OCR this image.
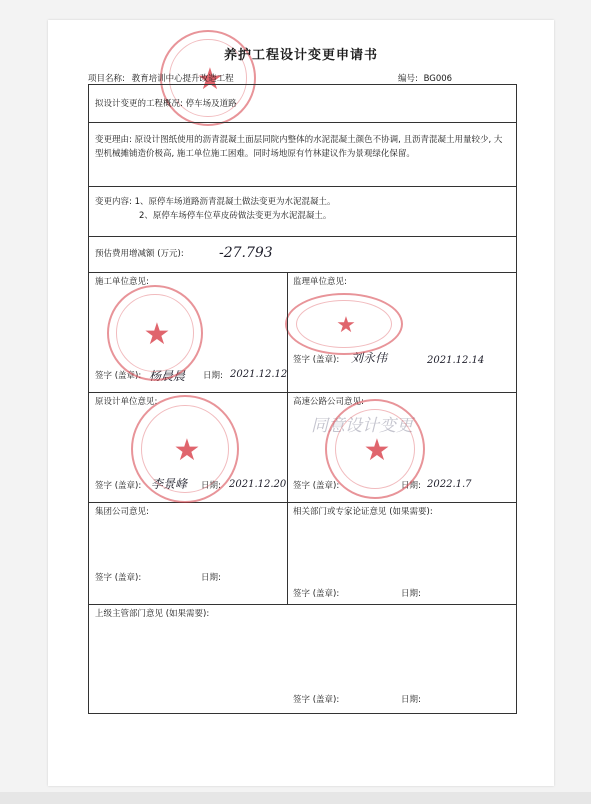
★
养护工程设计变更申请书
项目名称: 教育培训中心提升改造工程	编号: BG006
拟设计变更的工程概况: 停车场及道路
变更理由: 原设计图纸使用的沥青混凝土面层同院内整体的水泥混凝土颜色不协调, 且沥青混凝土用量较少, 大型机械摊铺造价极高, 施工单位施工困难。同时场地原有竹林建议作为景观绿化保留。
变更内容: 1、原停车场道路沥青混凝土做法变更为水泥混凝土。
2、原停车场停车位草皮砖做法变更为水泥混凝土。
预估费用增减额 (万元):	-27.793
施工单位意见:
签字 (盖章): 杨晨晨 日期: 2021.12.12
★
监理单位意见:
签字 (盖章): 刘永伟	2021.12.14
★
原设计单位意见:
签字 (盖章): 李景峰 日期: 2021.12.20
★
高速公路公司意见:
同意设计变更
签字 (盖章):	日期: 2022.1.7
★
集团公司意见:
签字 (盖章):	日期:
相关部门或专家论证意见 (如果需要):
签字 (盖章):	日期:
上级主管部门意见 (如果需要):
签字 (盖章):	日期:
